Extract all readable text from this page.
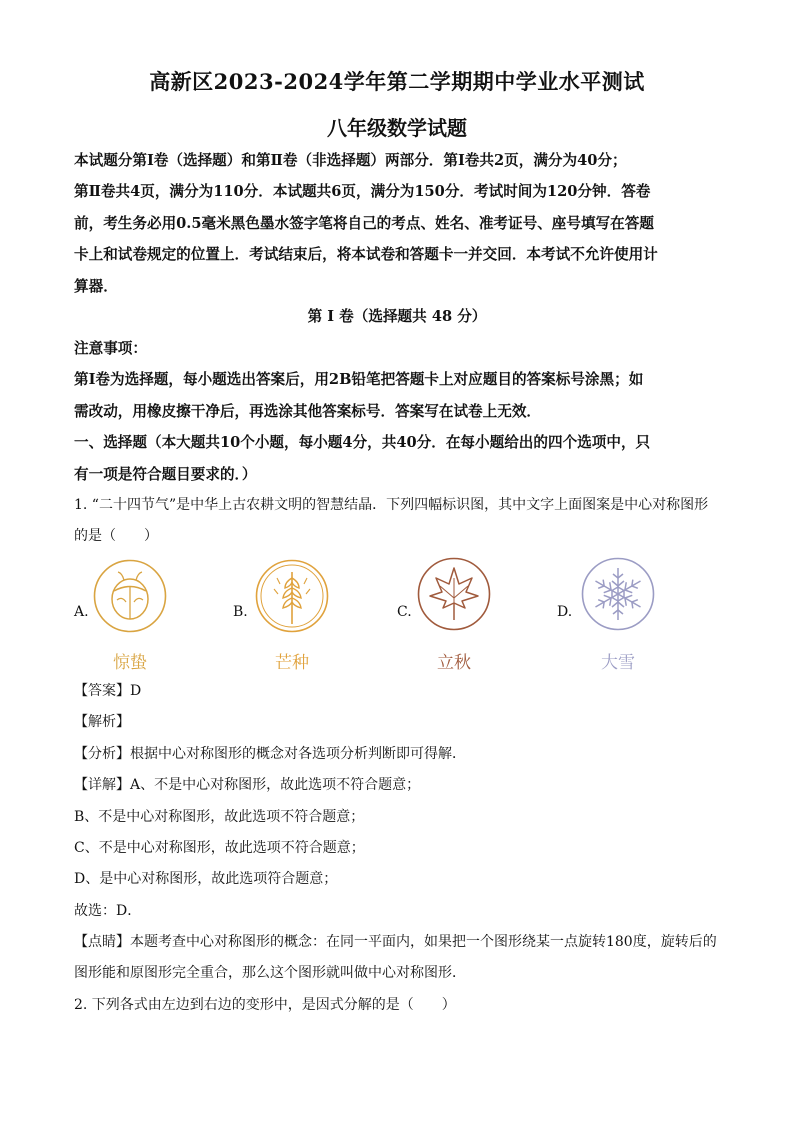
高新区2023-2024学年第二学期期中学业水平测试
八年级数学试题
本试题分第Ⅰ卷（选择题）和第Ⅱ卷（非选择题）两部分．第Ⅰ卷共2页，满分为40分；
第Ⅱ卷共4页，满分为110分．本试题共6页，满分为150分．考试时间为120分钟．答卷
前，考生务必用0.5毫米黑色墨水签字笔将自己的考点、姓名、准考证号、座号填写在答题
卡上和试卷规定的位置上．考试结束后，将本试卷和答题卡一并交回．本考试不允许使用计
算器．
第 I 卷（选择题共 48 分）
注意事项：
第Ⅰ卷为选择题，每小题选出答案后，用2B铅笔把答题卡上对应题目的答案标号涂黑；如
需改动，用橡皮擦干净后，再选涂其他答案标号．答案写在试卷上无效．
一、选择题（本大题共10个小题，每小题4分，共40分．在每小题给出的四个选项中，只
有一项是符合题目要求的．）
1. “二十四节气”是中华上古农耕文明的智慧结晶．下列四幅标识图，其中文字上面图案是中心对称图形
的是（　　）
A.
惊蛰
B.
芒种
C.
立秋
D.
大雪
【答案】D
【解析】
【分析】根据中心对称图形的概念对各选项分析判断即可得解．
【详解】A、不是中心对称图形，故此选项不符合题意；
B、不是中心对称图形，故此选项不符合题意；
C、不是中心对称图形，故此选项不符合题意；
D、是中心对称图形，故此选项符合题意；
故选：D．
【点睛】本题考查中心对称图形的概念：在同一平面内，如果把一个图形绕某一点旋转180度，旋转后的
图形能和原图形完全重合，那么这个图形就叫做中心对称图形．
2. 下列各式由左边到右边的变形中，是因式分解的是（　　）
